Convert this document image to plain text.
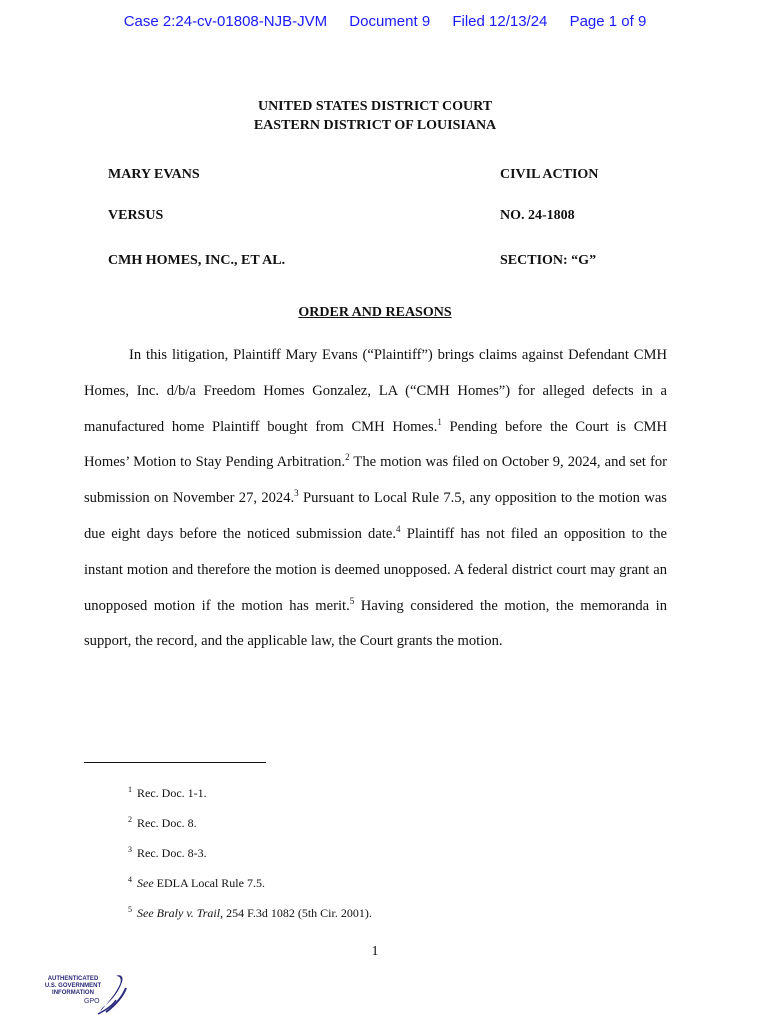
Case 2:24-cv-01808-NJB-JVM Document 9 Filed 12/13/24 Page 1 of 9
UNITED STATES DISTRICT COURT
EASTERN DISTRICT OF LOUISIANA
MARY EVANS
VERSUS
CMH HOMES, INC., ET AL.
CIVIL ACTION
NO. 24-1808
SECTION: “G”
ORDER AND REASONS

In this litigation, Plaintiff Mary Evans (“Plaintiff”) brings claims against Defendant CMH Homes, Inc. d/b/a Freedom Homes Gonzalez, LA (“CMH Homes”) for alleged defects in a manufactured home Plaintiff bought from CMH Homes.$^1$ Pending before the Court is CMH Homes’ Motion to Stay Pending Arbitration.$^2$ The motion was filed on October 9, 2024, and set for submission on November 27, 2024.$^3$ Pursuant to Local Rule 7.5, any opposition to the motion was due eight days before the noticed submission date.$^4$ Plaintiff has not filed an opposition to the instant motion and therefore the motion is deemed unopposed. A federal district court may grant an unopposed motion if the motion has merit.$^5$ Having considered the motion, the memoranda in support, the record, and the applicable law, the Court grants the motion.

$^1$ Rec. Doc. 1-1.
$^2$ Rec. Doc. 8.
$^3$ Rec. Doc. 8-3.
$^4$ See EDLA Local Rule 7.5.
$^5$ See Braly v. Trail, 254 F.3d 1082 (5th Cir. 2001).
1
AUTHENTICATED
U.S. GOVERNMENT
INFORMATION
GPO
